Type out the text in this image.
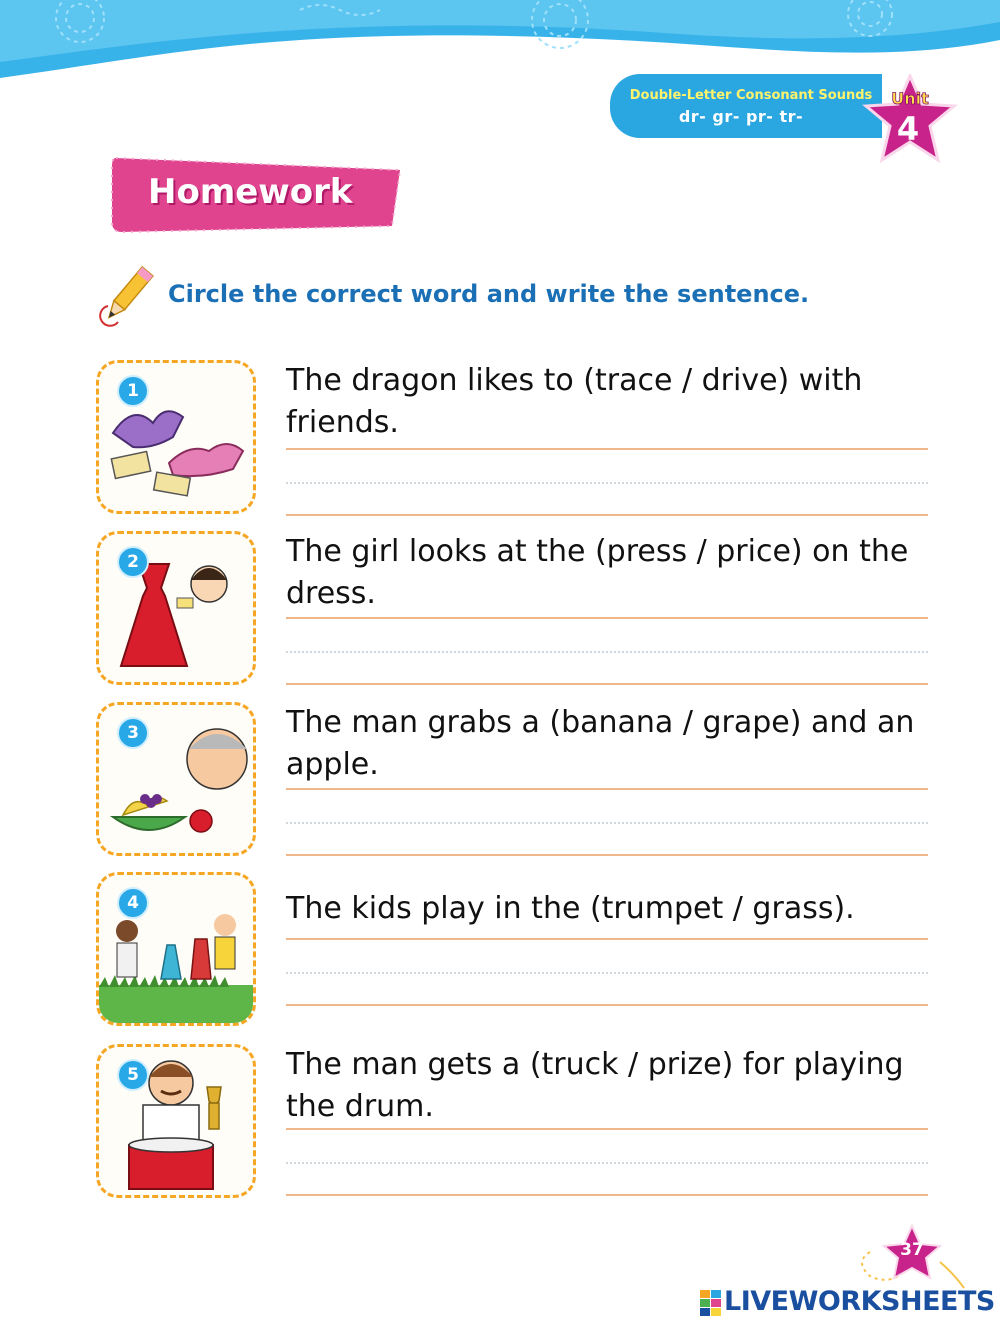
Double-Letter Consonant Sounds
dr- gr- pr- tr-
Unit
4
Homework
Circle the correct word and write the sentence.
1	The dragon likes to (trace / drive) with friends.
2	The girl looks at the (press / price) on the dress.
3	The man grabs a (banana / grape) and an apple.
4	The kids play in the (trumpet / grass).
5	The man gets a (truck / prize) for playing the drum.
37
LIVEWORKSHEETS
